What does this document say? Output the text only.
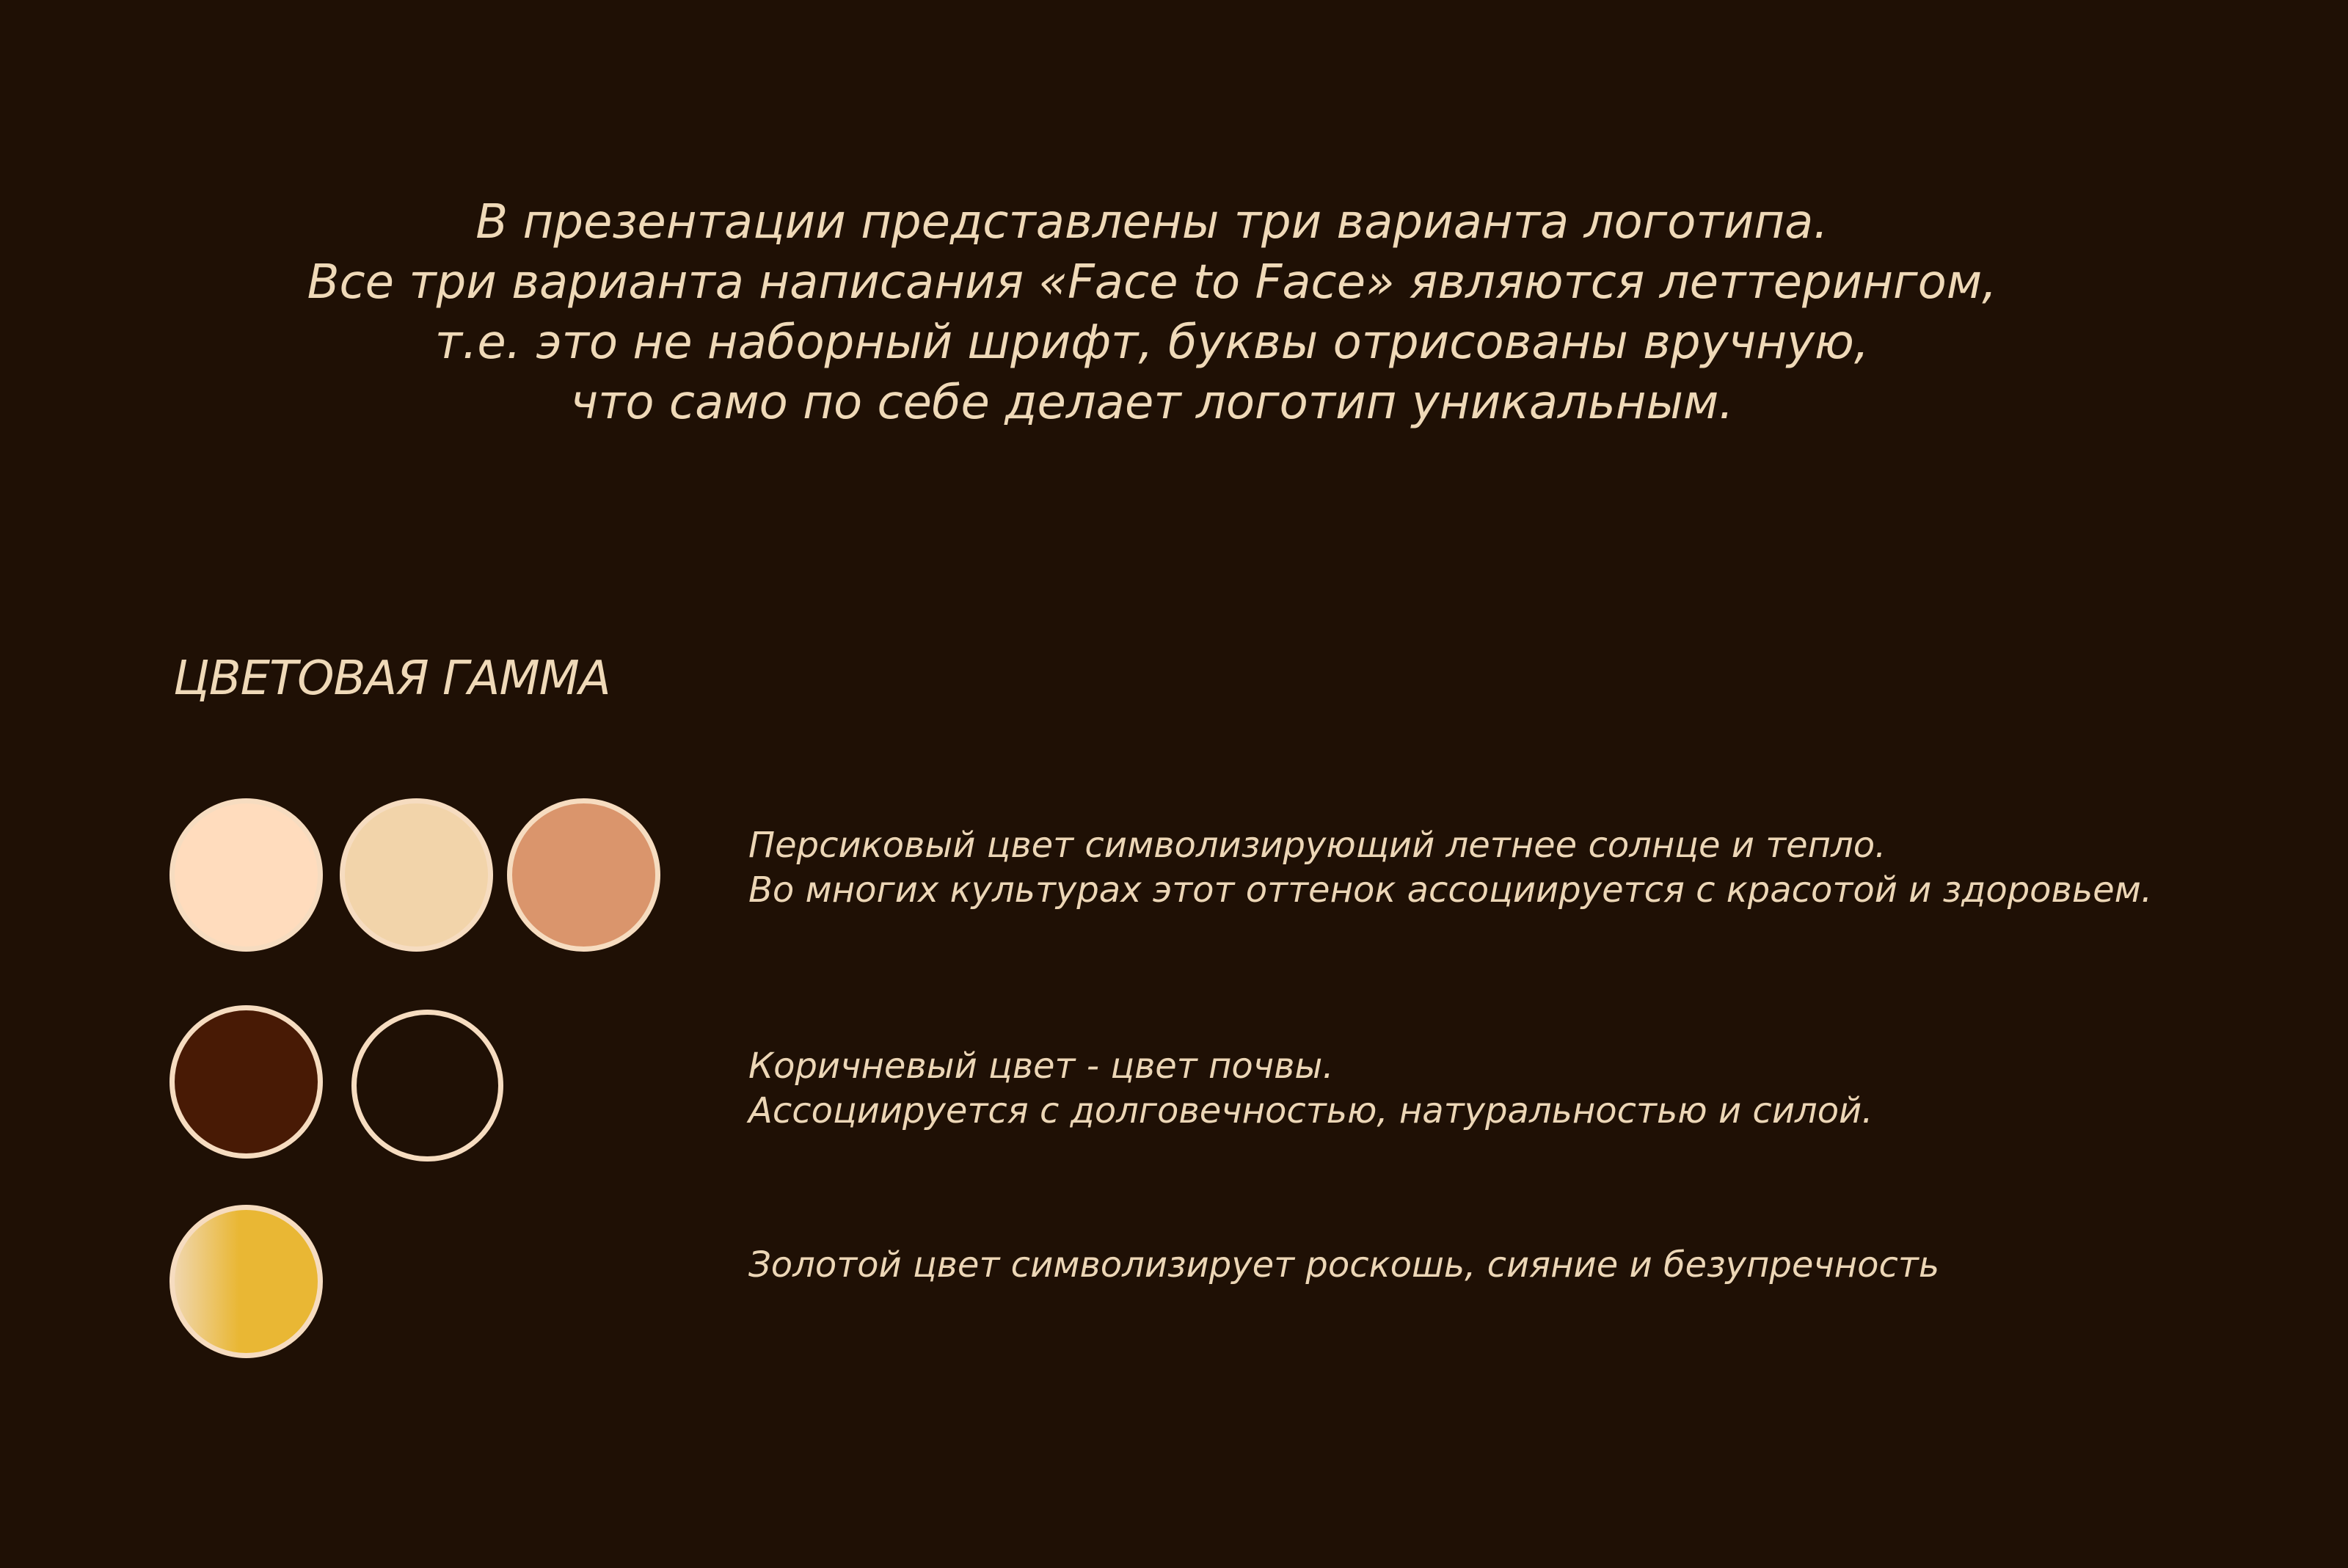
В презентации представлены три варианта логотипа.
Все три варианта написания «Face to Face» являются леттерингом,
т.е. это не наборный шрифт, буквы отрисованы вручную,
что само по себе делает логотип уникальным.
ЦВЕТОВАЯ ГАММА
Персиковый цвет символизирующий летнее солнце и тепло.
Во многих культурах этот оттенок ассоциируется с красотой и здоровьем.
Коричневый цвет - цвет почвы.
Ассоциируется с долговечностью, натуральностью и силой.
Золотой цвет символизирует роскошь, сияние и безупречность
